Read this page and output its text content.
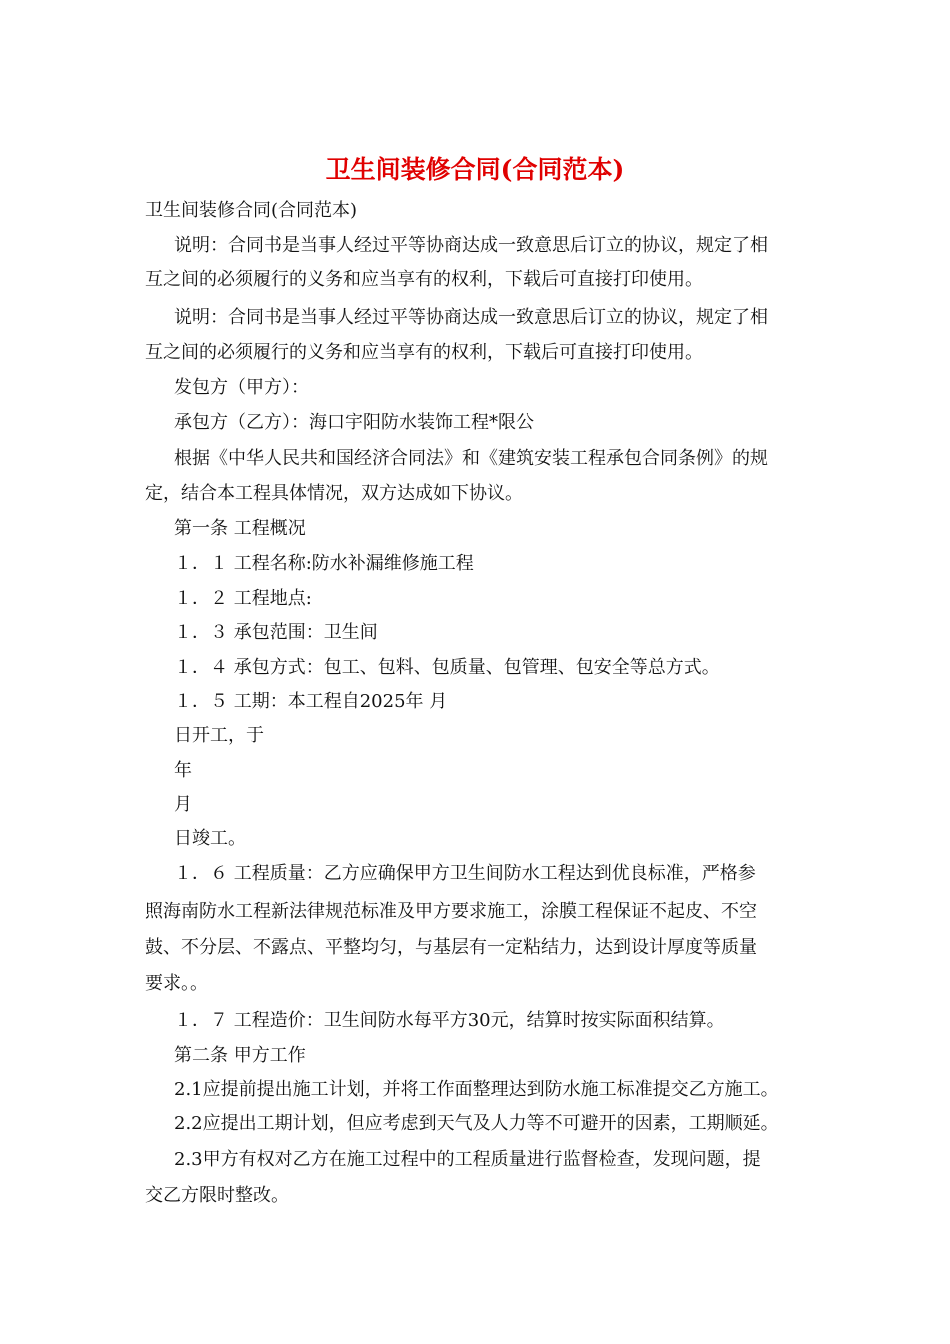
卫生间装修合同(合同范本)
卫生间装修合同(合同范本)
说明：合同书是当事人经过平等协商达成一致意思后订立的协议，规定了相
互之间的必须履行的义务和应当享有的权利，下载后可直接打印使用。
说明：合同书是当事人经过平等协商达成一致意思后订立的协议，规定了相
互之间的必须履行的义务和应当享有的权利，下载后可直接打印使用。
发包方（甲方）：
承包方（乙方）：海口宇阳防水装饰工程*限公
根据《中华人民共和国经济合同法》和《建筑安装工程承包合同条例》的规
定，结合本工程具体情况，双方达成如下协议。
第一条 工程概况
１．１ 工程名称:防水补漏维修施工程
１．２ 工程地点:
１．３ 承包范围：卫生间
１．４ 承包方式：包工、包料、包质量、包管理、包安全等总方式。
１．５ 工期：本工程自2025年 月
日开工，于
年
月
日竣工。
１．６ 工程质量：乙方应确保甲方卫生间防水工程达到优良标准，严格参
照海南防水工程新法律规范标准及甲方要求施工，涂膜工程保证不起皮、不空
鼓、不分层、不露点、平整均匀，与基层有一定粘结力，达到设计厚度等质量
要求。。
１．７ 工程造价：卫生间防水每平方30元，结算时按实际面积结算。
第二条 甲方工作
2.1应提前提出施工计划，并将工作面整理达到防水施工标准提交乙方施工。
2.2应提出工期计划，但应考虑到天气及人力等不可避开的因素，工期顺延。
2.3甲方有权对乙方在施工过程中的工程质量进行监督检查，发现问题，提
交乙方限时整改。
